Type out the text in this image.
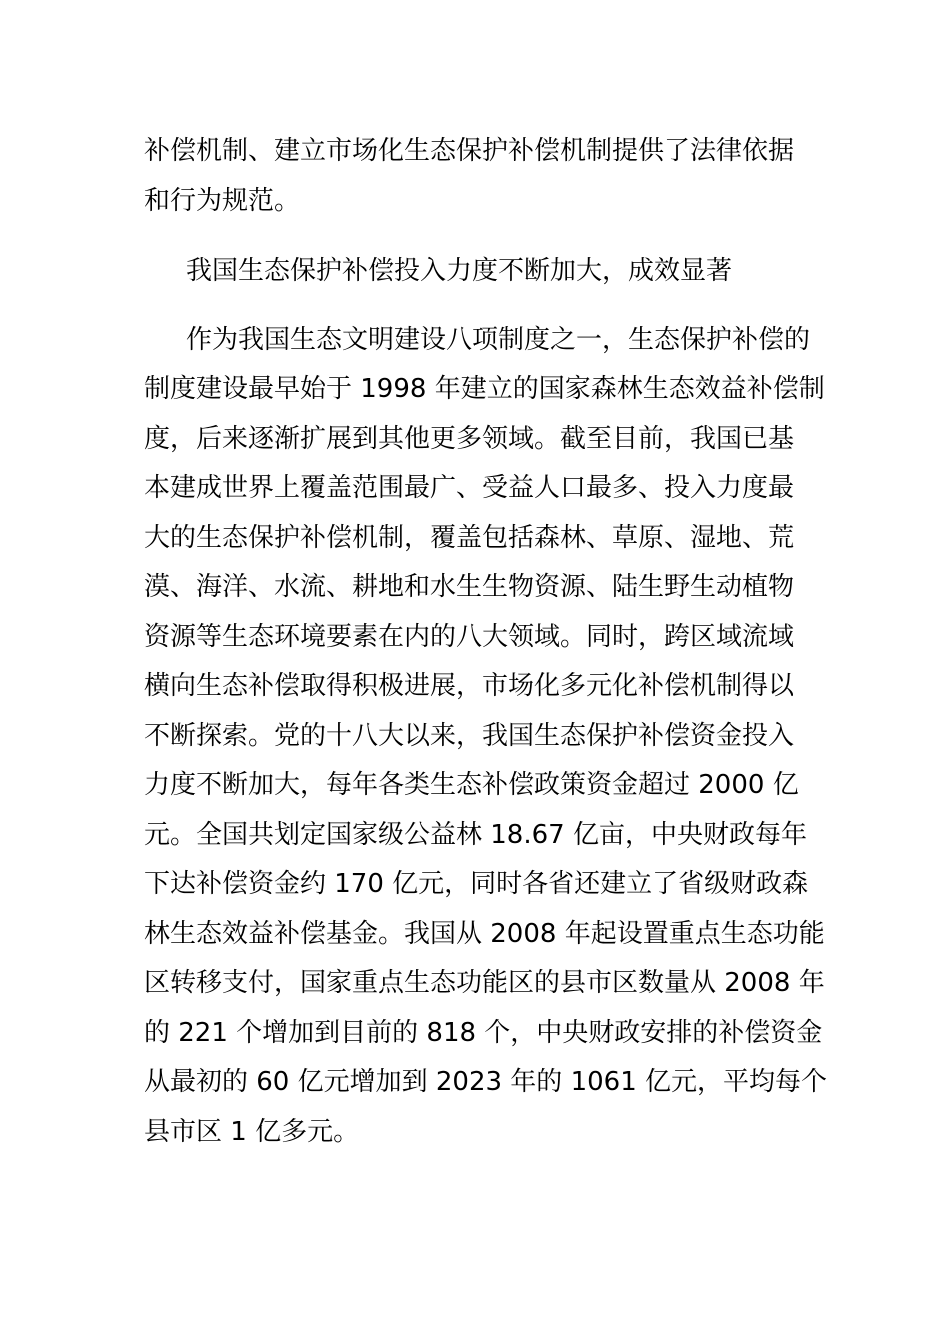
补偿机制、建立市场化生态保护补偿机制提供了法律依据
和行为规范。
我国生态保护补偿投入力度不断加大，成效显著
作为我国生态文明建设八项制度之一，生态保护补偿的
制度建设最早始于 1998 年建立的国家森林生态效益补偿制
度，后来逐渐扩展到其他更多领域。截至目前，我国已基
本建成世界上覆盖范围最广、受益人口最多、投入力度最
大的生态保护补偿机制，覆盖包括森林、草原、湿地、荒
漠、海洋、水流、耕地和水生生物资源、陆生野生动植物
资源等生态环境要素在内的八大领域。同时，跨区域流域
横向生态补偿取得积极进展，市场化多元化补偿机制得以
不断探索。党的十八大以来，我国生态保护补偿资金投入
力度不断加大，每年各类生态补偿政策资金超过 2000 亿
元。全国共划定国家级公益林 18.67 亿亩，中央财政每年
下达补偿资金约 170 亿元，同时各省还建立了省级财政森
林生态效益补偿基金。我国从 2008 年起设置重点生态功能
区转移支付，国家重点生态功能区的县市区数量从 2008 年
的 221 个增加到目前的 818 个，中央财政安排的补偿资金
从最初的 60 亿元增加到 2023 年的 1061 亿元，平均每个
县市区 1 亿多元。
